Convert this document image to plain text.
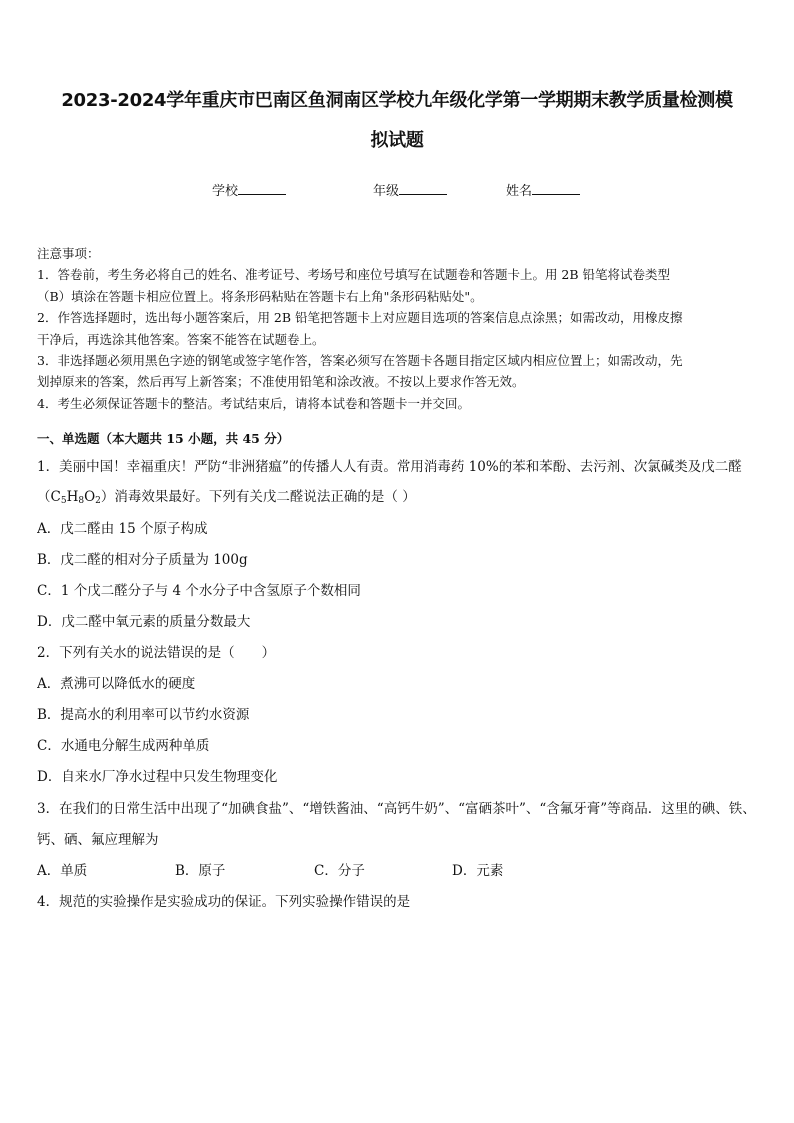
2023-2024学年重庆市巴南区鱼洞南区学校九年级化学第一学期期末教学质量检测模
拟试题
学校	年级	姓名
注意事项：
1．答卷前，考生务必将自己的姓名、准考证号、考场号和座位号填写在试题卷和答题卡上。用 2B 铅笔将试卷类型
（B）填涂在答题卡相应位置上。将条形码粘贴在答题卡右上角"条形码粘贴处"。
2．作答选择题时，选出每小题答案后，用 2B 铅笔把答题卡上对应题目选项的答案信息点涂黑；如需改动，用橡皮擦
干净后，再选涂其他答案。答案不能答在试题卷上。
3．非选择题必须用黑色字迹的钢笔或签字笔作答，答案必须写在答题卡各题目指定区域内相应位置上；如需改动，先
划掉原来的答案，然后再写上新答案；不准使用铅笔和涂改液。不按以上要求作答无效。
4．考生必须保证答题卡的整洁。考试结束后，请将本试卷和答题卡一并交回。
一、单选题（本大题共 15 小题，共 45 分）
1．美丽中国！幸福重庆！严防“非洲猪瘟”的传播人人有责。常用消毒药 10%的苯和苯酚、去污剂、次氯碱类及戊二醛
$(C_5H_8O_2)$消毒效果最好。下列有关戊二醛说法正确的是（ ）
A．戊二醛由 15 个原子构成
B．戊二醛的相对分子质量为 100g
C．1 个戊二醛分子与 4 个水分子中含氢原子个数相同
D．戊二醛中氧元素的质量分数最大
2．下列有关水的说法错误的是（　　）
A．煮沸可以降低水的硬度
B．提高水的利用率可以节约水资源
C．水通电分解生成两种单质
D．自来水厂净水过程中只发生物理变化
3．在我们的日常生活中出现了“加碘食盐”、“增铁酱油、“高钙牛奶”、“富硒茶叶”、“含氟牙膏”等商品．这里的碘、铁、
钙、硒、氟应理解为
A．单质	B．原子	C．分子	D．元素
4．规范的实验操作是实验成功的保证。下列实验操作错误的是
